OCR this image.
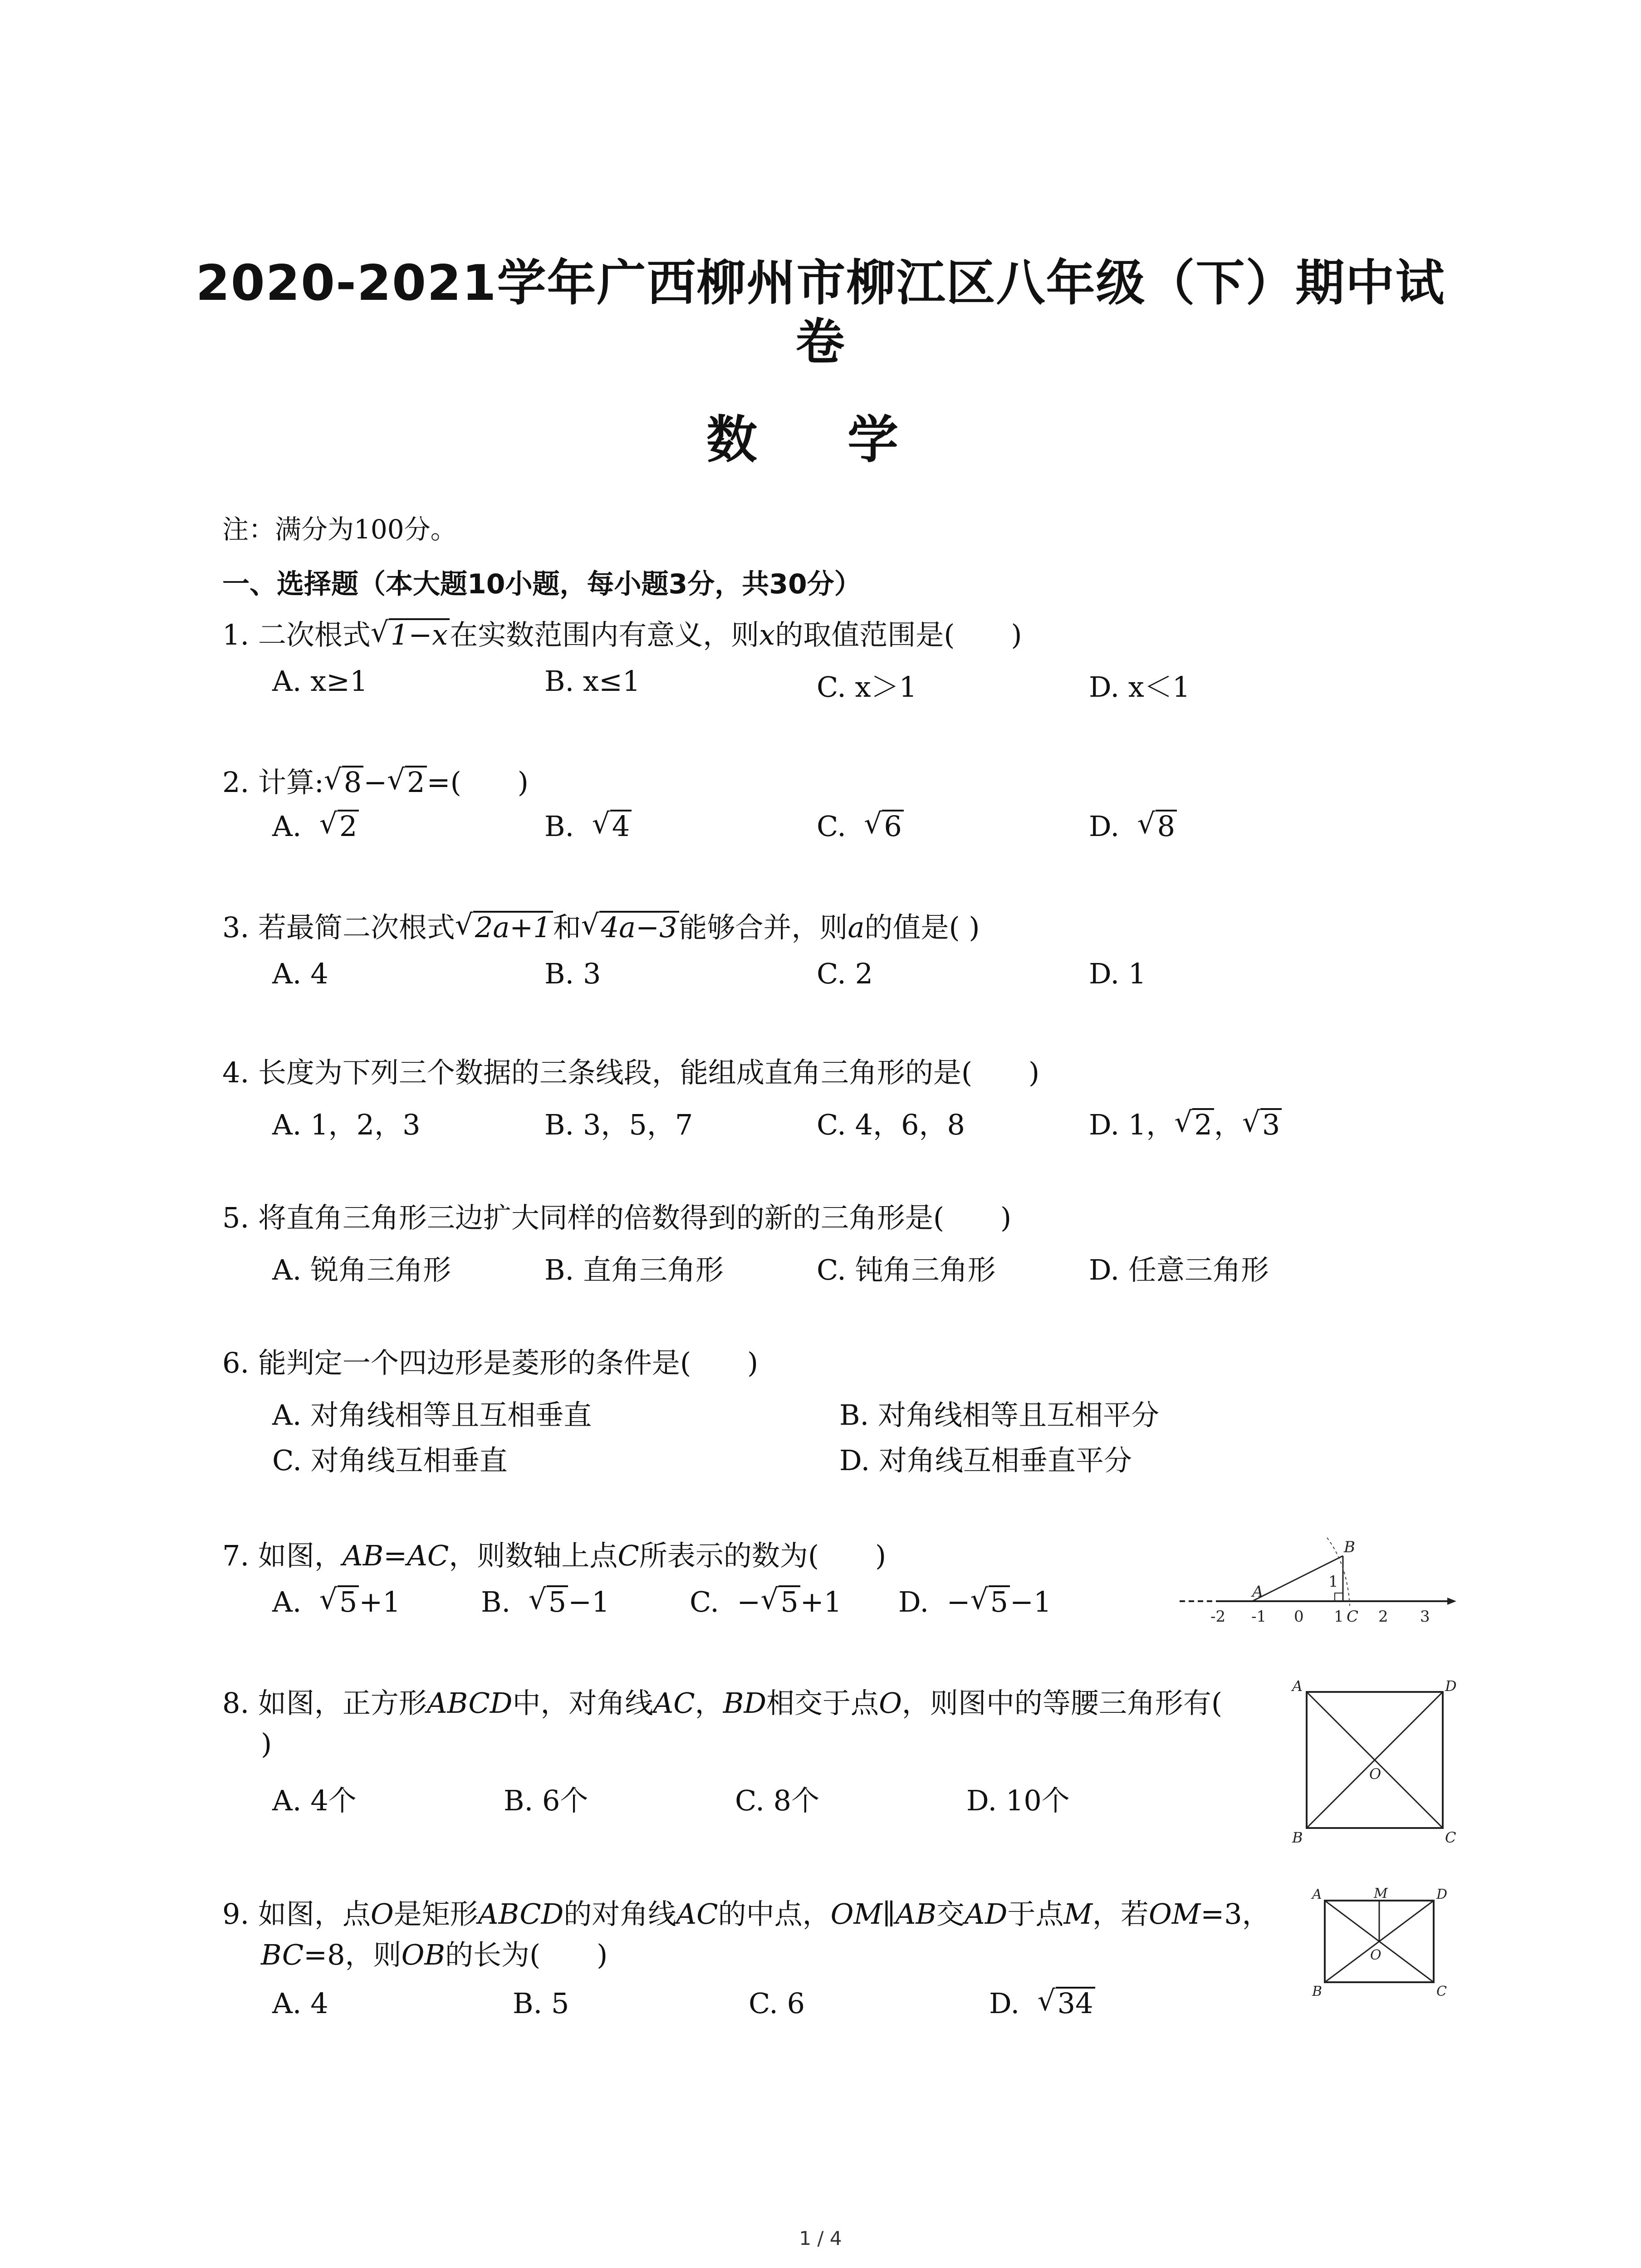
2020-2021学年广西柳州市柳江区八年级（下）期中试
卷
数 学
注：满分为100分。
一、选择题（本大题10小题，每小题3分，共30分）
1. 二次根式 √ 1−x在实数范围内有意义，则x的取值范围是(　　)
A. x≥1	B. x≤1	C. x＞1	D. x＜1
2. 计算: √ 8− √ 2=(　　)
A. √ 2	B. √ 4	C. √ 6	D. √ 8
3. 若最简二次根式 √ 2a+1和 √ 4a−3能够合并，则a的值是( )
A. 4	B. 3	C. 2	D. 1
4. 长度为下列三个数据的三条线段，能组成直角三角形的是(　　)
A. 1，2，3	B. 3，5，7	C. 4，6，8	D. 1， √ 2， √ 3
5. 将直角三角形三边扩大同样的倍数得到的新的三角形是(　　)
A. 锐角三角形	B. 直角三角形	C. 钝角三角形	D. 任意三角形
6. 能判定一个四边形是菱形的条件是(　　)
A. 对角线相等且互相垂直	B. 对角线相等且互相平分
C. 对角线互相垂直	D. 对角线互相垂直平分
7. 如图，AB=AC，则数轴上点C所表示的数为(　　)
A. √ 5+1	B. √ 5−1	C. − √ 5+1 D. − √ 5−1	A
B
1
C
-2 -1 0 1 2 3
8. 如图，正方形ABCD中，对角线AC，BD相交于点O，则图中的等腰三角形有(
)
A. 4个	B. 6个	C. 8个	D. 10个
A	D
B	C
O
9. 如图，点O是矩形ABCD的对角线AC的中点，OM∥AB交AD于点M，若OM=3，
BC=8，则OB的长为(　　)
A. 4	B. 5	C. 6	D. √ 34
A	M	D
O
B	C
1 / 4
